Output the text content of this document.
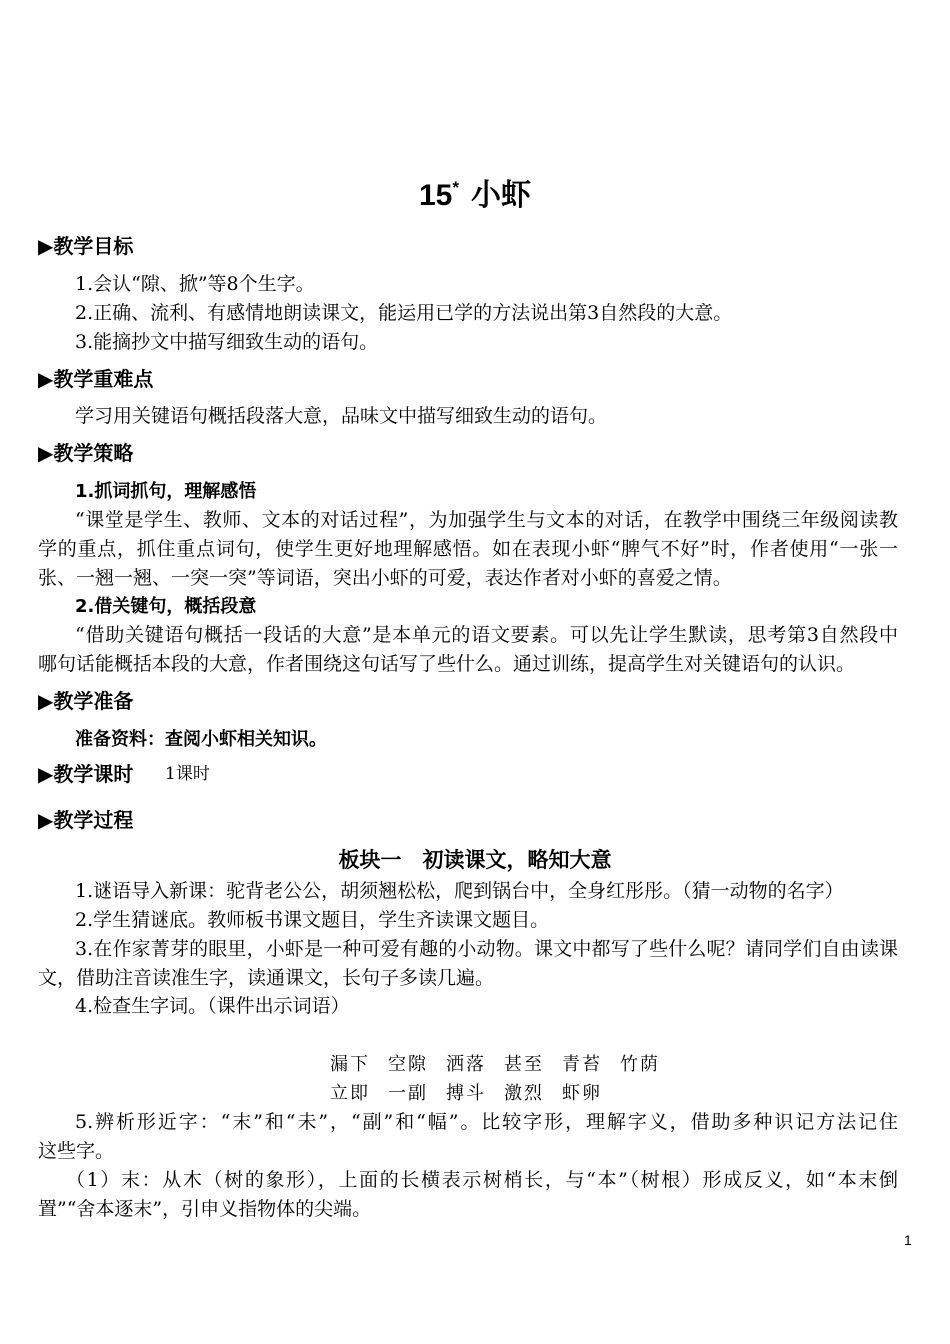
15* 小虾
▶教学目标
1.会认“隙、掀”等8个生字。
2.正确、流利、有感情地朗读课文，能运用已学的方法说出第3自然段的大意。
3.能摘抄文中描写细致生动的语句。
▶教学重难点
学习用关键语句概括段落大意，品味文中描写细致生动的语句。
▶教学策略
1.抓词抓句，理解感悟
“课堂是学生、教师、文本的对话过程”，为加强学生与文本的对话，在教学中围绕三年级阅读教
学的重点，抓住重点词句，使学生更好地理解感悟。如在表现小虾“脾气不好”时，作者使用“一张一
张、一翘一翘、一突一突”等词语，突出小虾的可爱，表达作者对小虾的喜爱之情。
2.借关键句，概括段意
“借助关键语句概括一段话的大意”是本单元的语文要素。可以先让学生默读，思考第3自然段中
哪句话能概括本段的大意，作者围绕这句话写了些什么。通过训练，提高学生对关键语句的认识。
▶教学准备
准备资料：查阅小虾相关知识。
▶教学课时 1课时
▶教学过程
板块一　初读课文，略知大意
1.谜语导入新课：驼背老公公，胡须翘松松，爬到锅台中，全身红彤彤。（猜一动物的名字）
2.学生猜谜底。教师板书课文题目，学生齐读课文题目。
3.在作家菁芽的眼里，小虾是一种可爱有趣的小动物。课文中都写了些什么呢？请同学们自由读课
文，借助注音读准生字，读通课文，长句子多读几遍。
4.检查生字词。（课件出示词语）
漏下 空隙 洒落 甚至 青苔 竹荫
立即 一副 搏斗 激烈 虾卵
5.辨析形近字：“末”和“未”，“副”和“幅”。比较字形，理解字义，借助多种识记方法记住
这些字。
（1）末：从木（树的象形），上面的长横表示树梢长，与“本”（树根）形成反义，如“本末倒
置”“舍本逐末”，引申义指物体的尖端。
1
